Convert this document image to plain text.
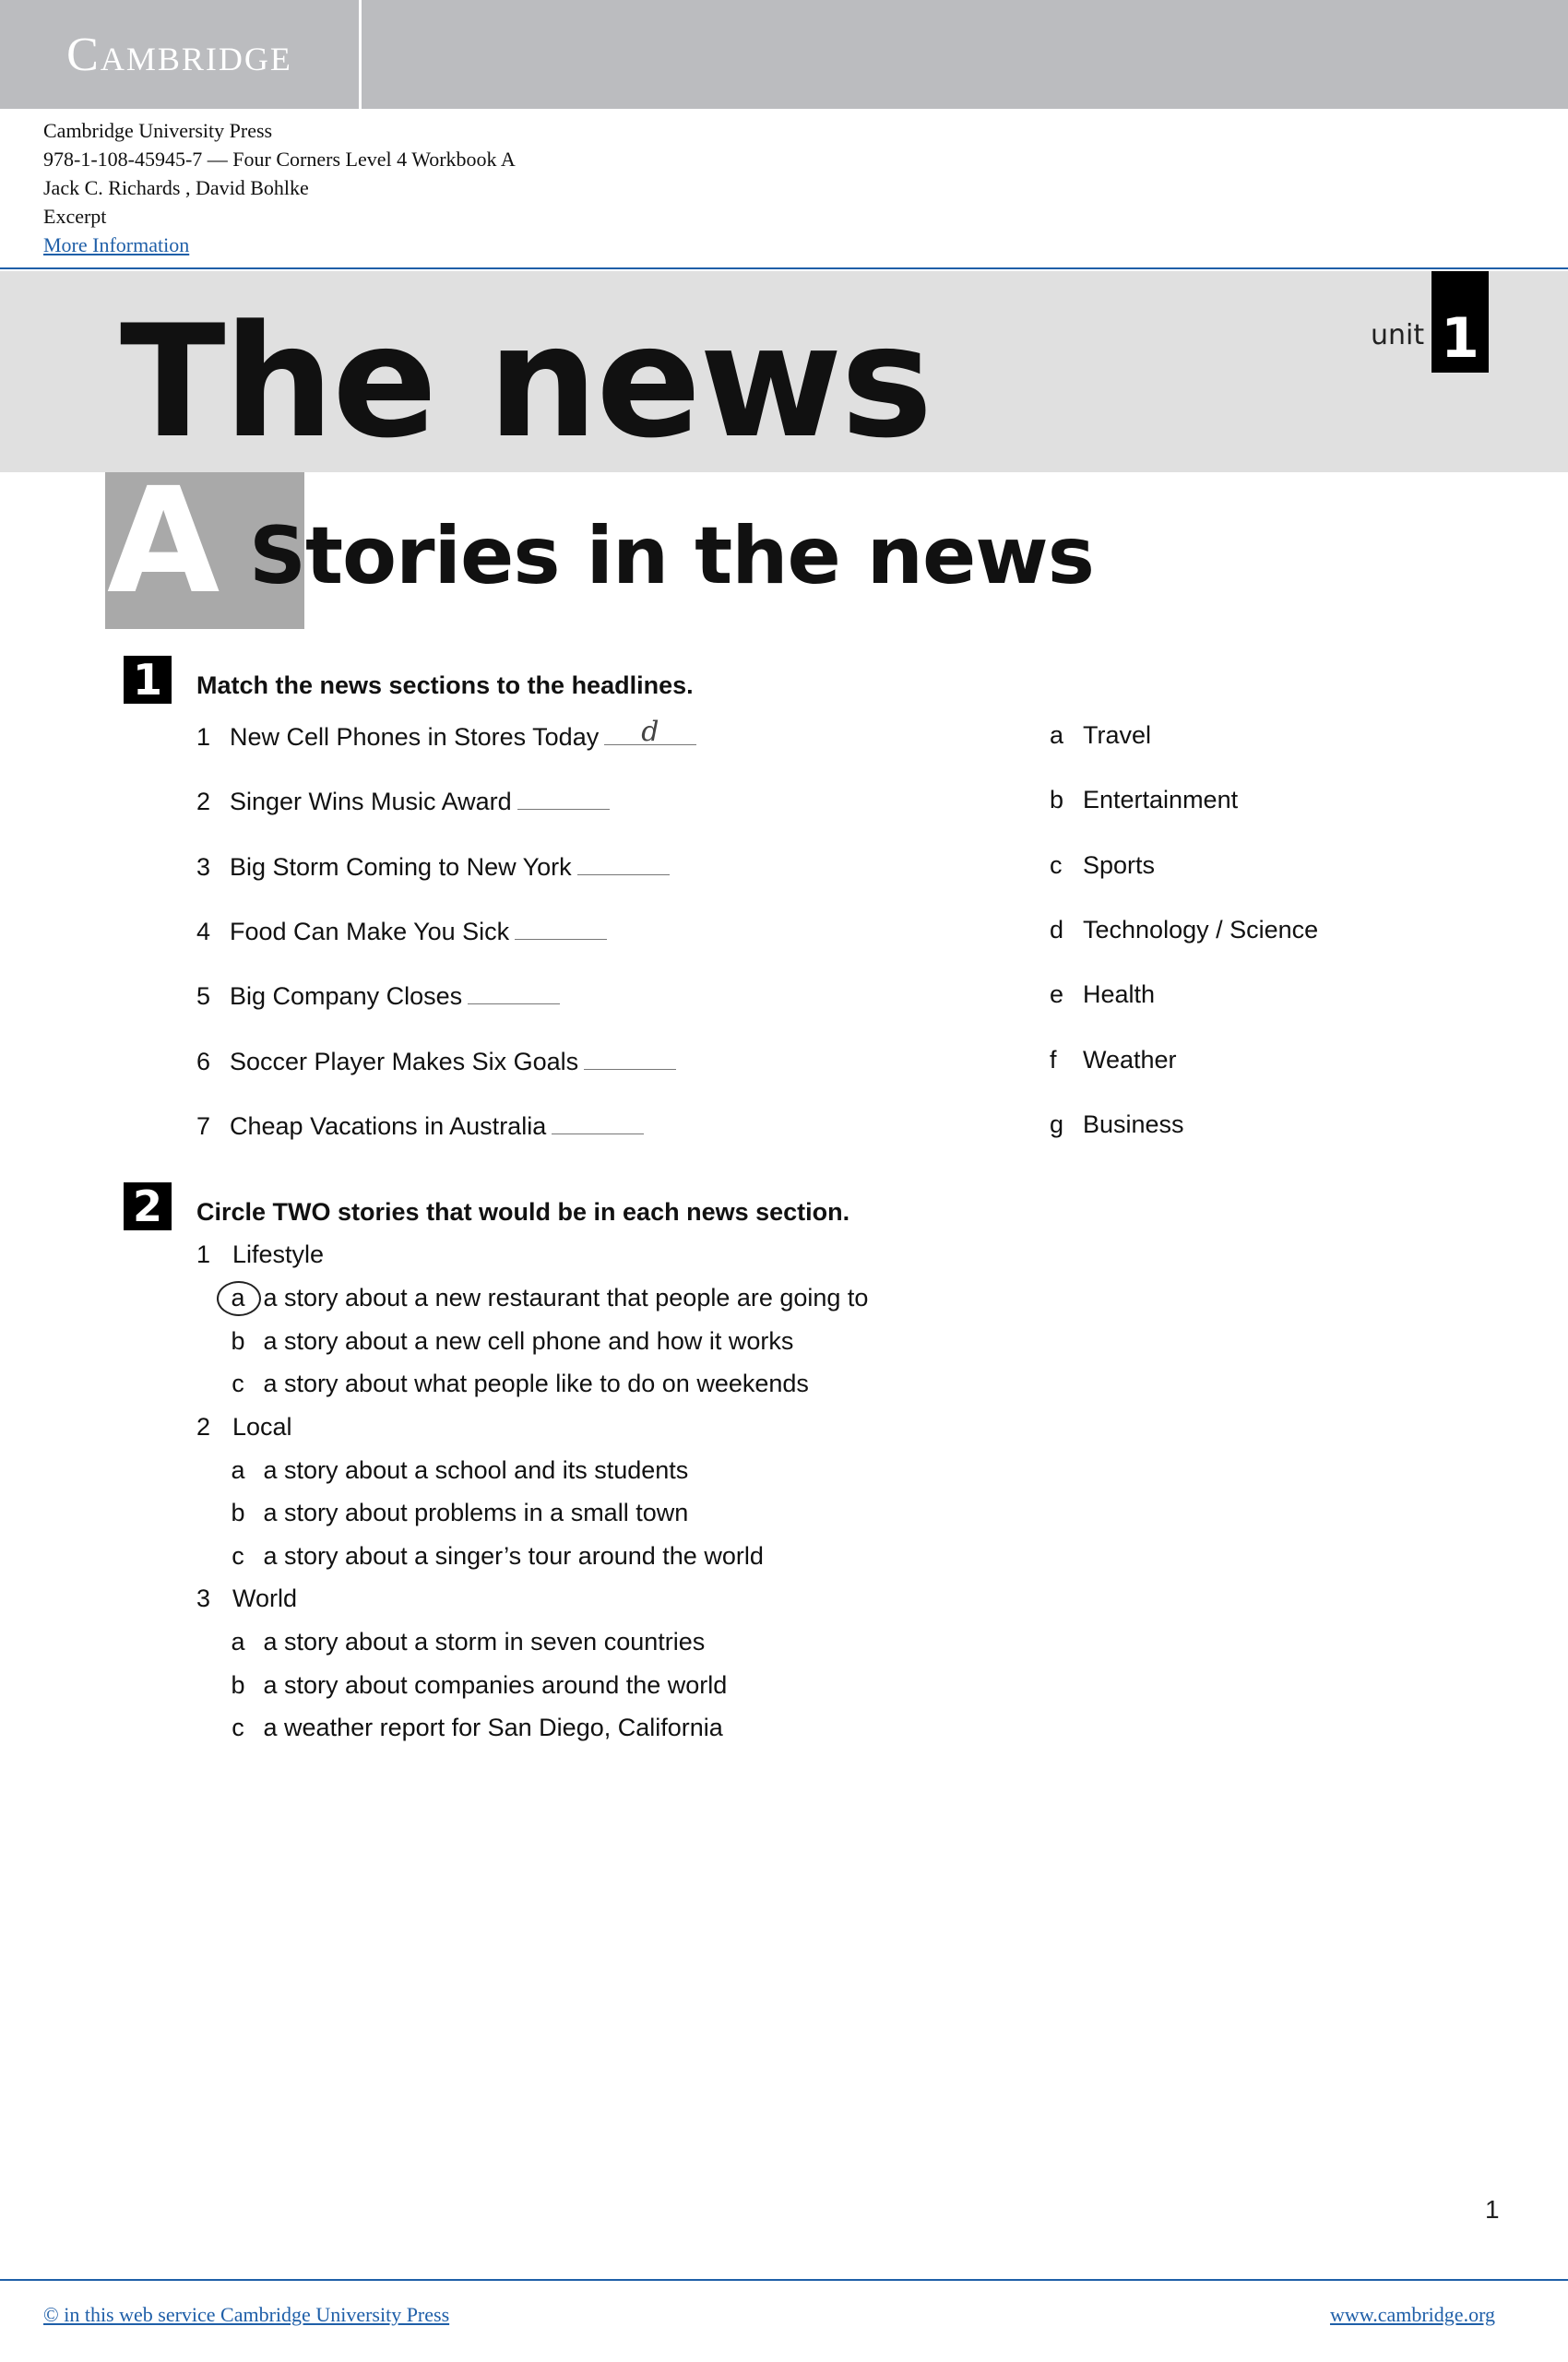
Cambridge
Cambridge University Press
978-1-108-45945-7 — Four Corners Level 4 Workbook A
Jack C. Richards , David Bohlke
Excerpt
More Information
The news	unit 1
A Stories in the news
1	Match the news sections to the headlines.
1 New Cell Phones in Stores Today d
2 Singer Wins Music Award
3 Big Storm Coming to New York
4 Food Can Make You Sick
5 Big Company Closes
6 Soccer Player Makes Six Goals
7 Cheap Vacations in Australia
a Travel
b Entertainment
c Sports
d Technology / Science
e Health
f	Weather
g Business
2	Circle TWO stories that would be in each news section.
1 Lifestyle
a a story about a new restaurant that people are going to
b a story about a new cell phone and how it works
c a story about what people like to do on weekends
2 Local
a a story about a school and its students
b a story about problems in a small town
c a story about a singer’s tour around the world
3 World
a a story about a storm in seven countries
b a story about companies around the world
c a weather report for San Diego, California
1
© in this web service Cambridge University Press	www.cambridge.org
